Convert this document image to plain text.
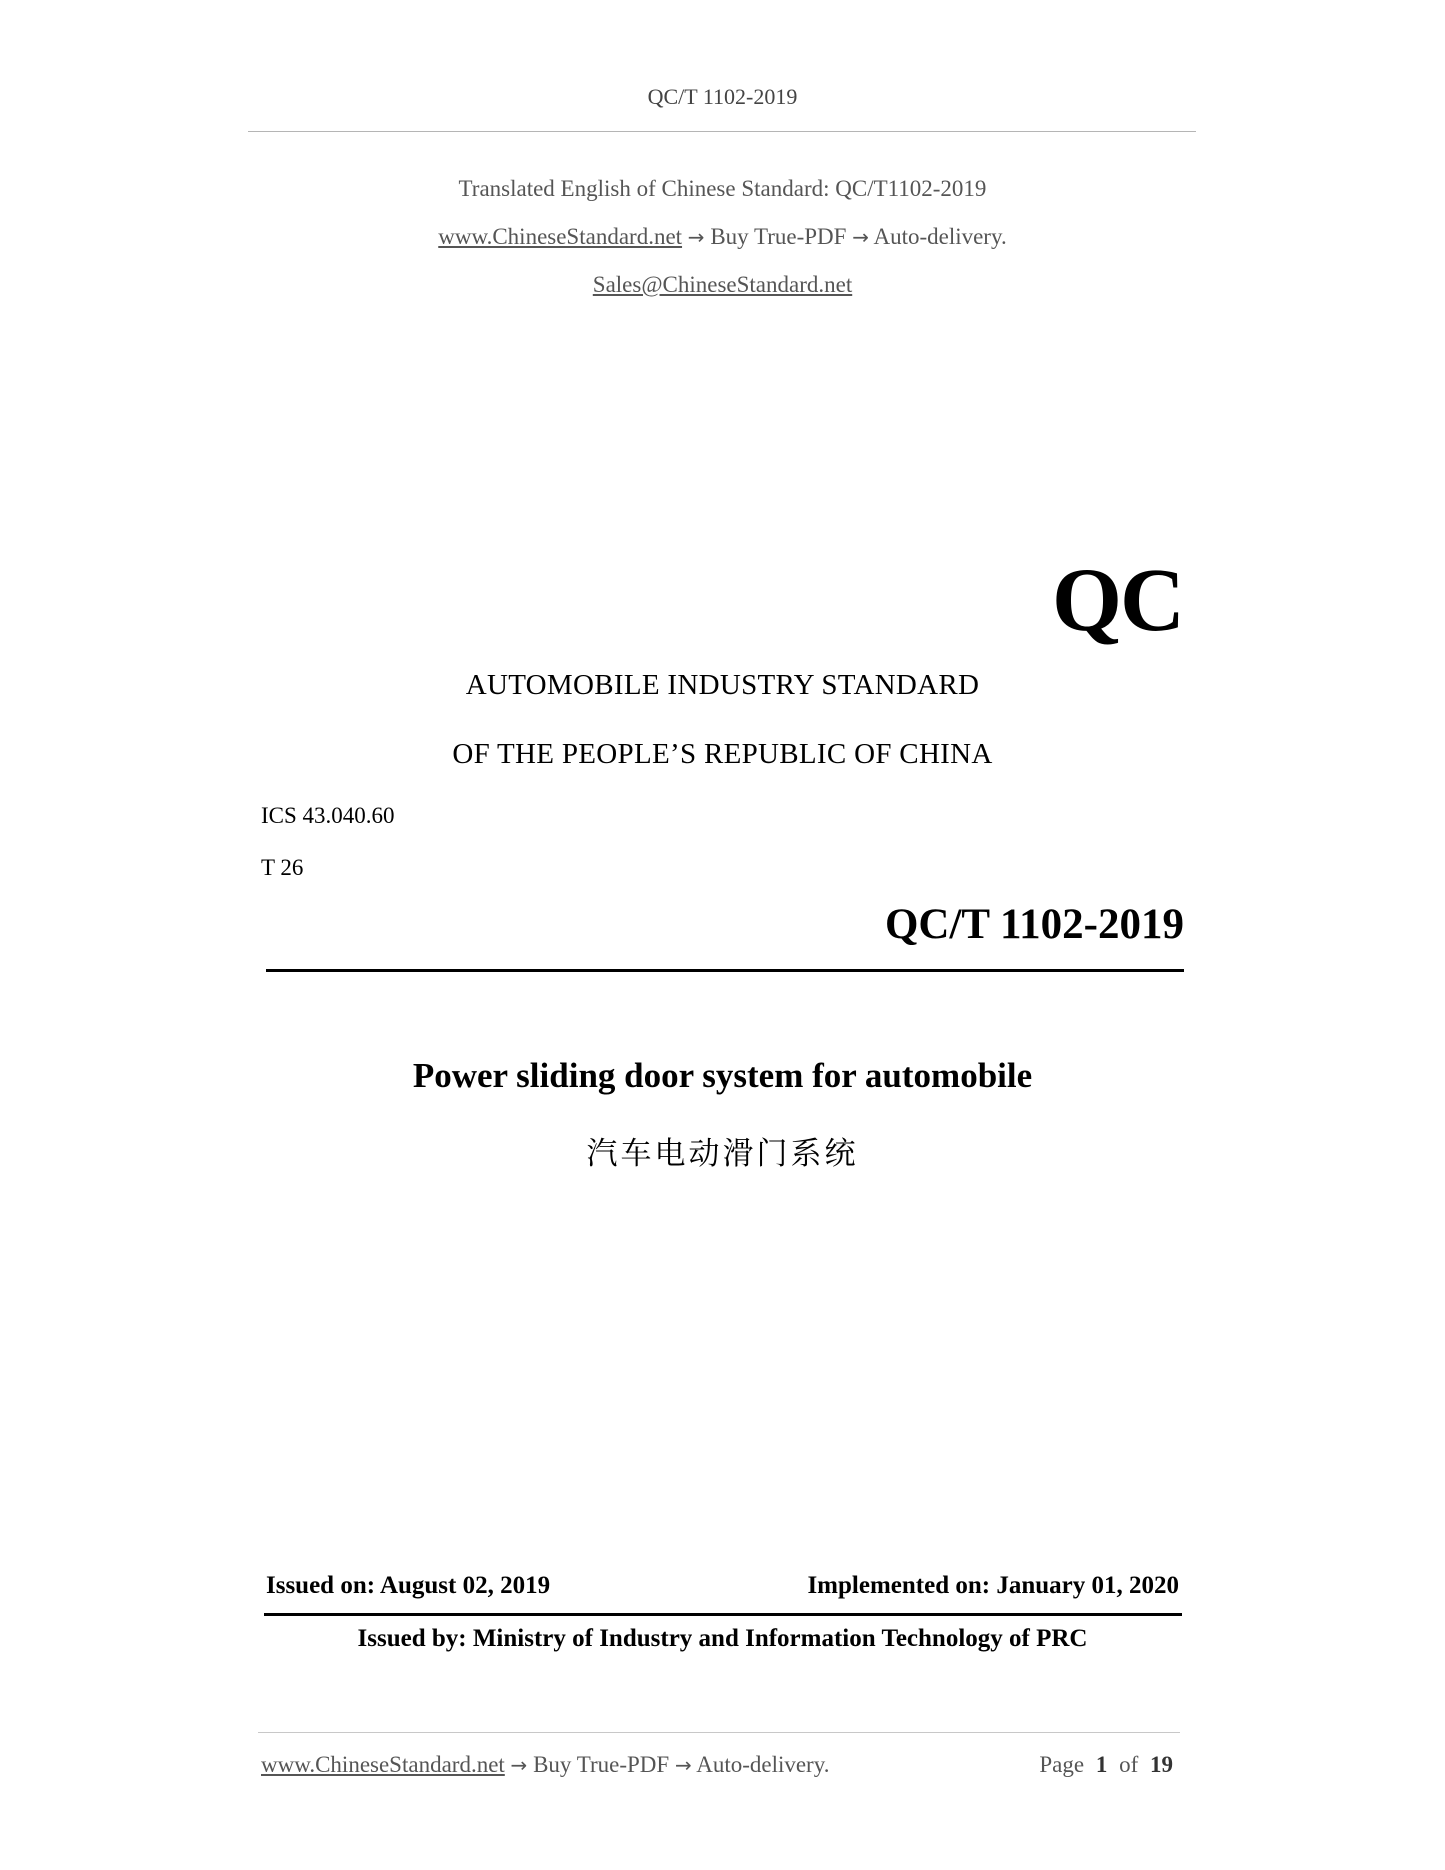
QC/T 1102-2019
Translated English of Chinese Standard: QC/T1102-2019
www.ChineseStandard.net → Buy True-PDF → Auto-delivery.
Sales@ChineseStandard.net
QC
AUTOMOBILE INDUSTRY STANDARD
OF THE PEOPLE’S REPUBLIC OF CHINA
ICS 43.040.60
T 26
QC/T 1102-2019
Power sliding door system for automobile
汽车电动滑门系统
Issued on: August 02, 2019	Implemented on: January 01, 2020
Issued by: Ministry of Industry and Information Technology of PRC
www.ChineseStandard.net → Buy True-PDF → Auto-delivery.	Page 1 of 19
